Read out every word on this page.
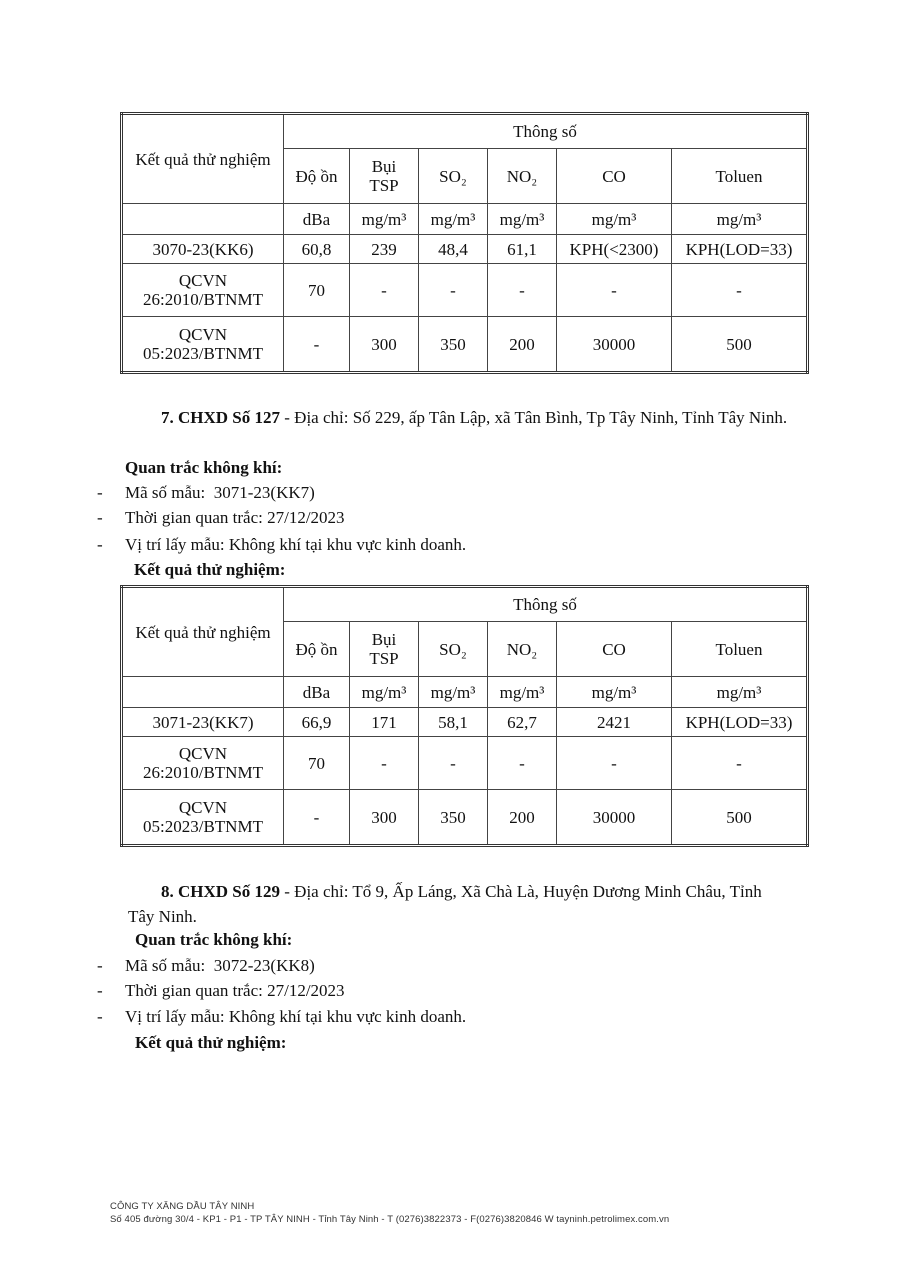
Kết quả thử nghiệm	Thông số					
	Độ ồn	Bụi TSP	SO₂	NO₂	CO	Toluen
	dBa	mg/m³	mg/m³	mg/m³	mg/m³	mg/m³
3070-23(KK6)	60,8	239	48,4	61,1	KPH(<2300)	KPH(LOD=33)
QCVN 26:2010/BTNMT	70	-	-	-	-	-
QCVN 05:2023/BTNMT	-	300	350	200	30000	500
7. CHXD Số 127 - Địa chỉ: Số 229, ấp Tân Lập, xã Tân Bình, Tp Tây Ninh, Tỉnh Tây Ninh.
Quan trắc không khí:
- Mã số mẫu:  3071-23(KK7)
- Thời gian quan trắc: 27/12/2023
- Vị trí lấy mẫu: Không khí tại khu vực kinh doanh.
Kết quả thử nghiệm:
Kết quả thử nghiệm	Thông số					
	Độ ồn	Bụi TSP	SO₂	NO₂	CO	Toluen
	dBa	mg/m³	mg/m³	mg/m³	mg/m³	mg/m³
3071-23(KK7)	66,9	171	58,1	62,7	2421	KPH(LOD=33)
QCVN 26:2010/BTNMT	70	-	-	-	-	-
QCVN 05:2023/BTNMT	-	300	350	200	30000	500
8. CHXD Số 129 - Địa chỉ: Tổ 9, Ấp Láng, Xã Chà Là, Huyện Dương Minh Châu, Tỉnh Tây Ninh.
Quan trắc không khí:
- Mã số mẫu:  3072-23(KK8)
- Thời gian quan trắc: 27/12/2023
- Vị trí lấy mẫu: Không khí tại khu vực kinh doanh.
Kết quả thử nghiệm:
CÔNG TY XĂNG DẦU TÂY NINH
Số 405 đường 30/4 - KP1 - P1 - TP TÂY NINH - Tỉnh Tây Ninh - T (0276)3822373 - F(0276)3820846 W tayninh.petrolimex.com.vn
